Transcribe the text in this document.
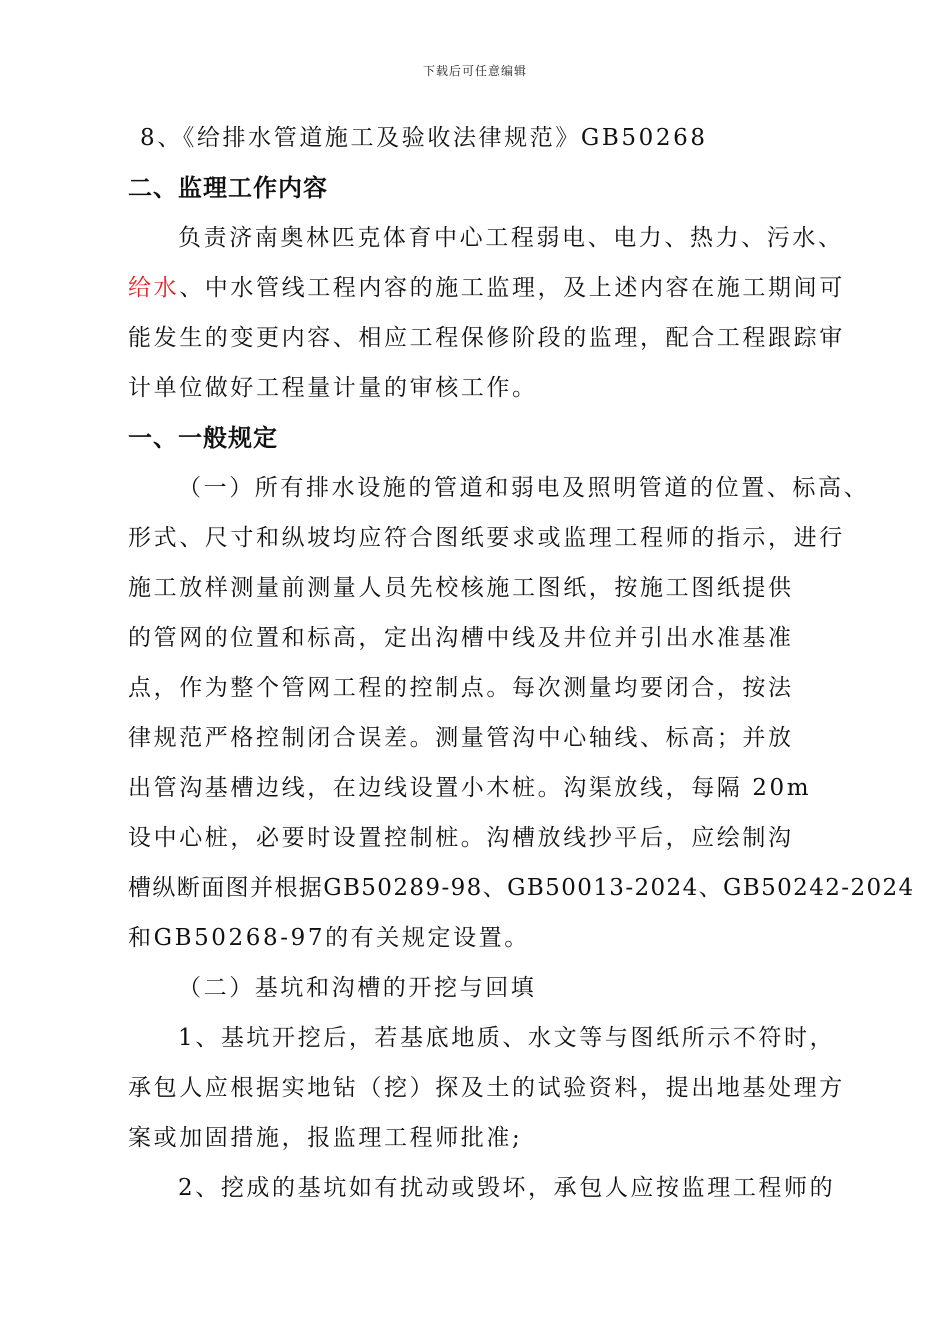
下载后可任意编辑
8、《给排水管道施工及验收法律规范》GB50268
二、监理工作内容
负责济南奥林匹克体育中心工程弱电、电力、热力、污水、
给水、中水管线工程内容的施工监理，及上述内容在施工期间可
能发生的变更内容、相应工程保修阶段的监理，配合工程跟踪审
计单位做好工程量计量的审核工作。
一、一般规定
（一）所有排水设施的管道和弱电及照明管道的位置、标高、
形式、尺寸和纵坡均应符合图纸要求或监理工程师的指示，进行
施工放样测量前测量人员先校核施工图纸，按施工图纸提供
的管网的位置和标高，定出沟槽中线及井位并引出水准基准
点，作为整个管网工程的控制点。每次测量均要闭合，按法
律规范严格控制闭合误差。测量管沟中心轴线、标高；并放
出管沟基槽边线，在边线设置小木桩。沟渠放线，每隔 20m
设中心桩，必要时设置控制桩。沟槽放线抄平后，应绘制沟
槽纵断面图并根据GB50289-98、GB50013-2024、GB50242-2024
和GB50268-97的有关规定设置。
（二）基坑和沟槽的开挖与回填
1、基坑开挖后，若基底地质、水文等与图纸所示不符时，
承包人应根据实地钻（挖）探及土的试验资料，提出地基处理方
案或加固措施，报监理工程师批准;
2、挖成的基坑如有扰动或毁坏，承包人应按监理工程师的
